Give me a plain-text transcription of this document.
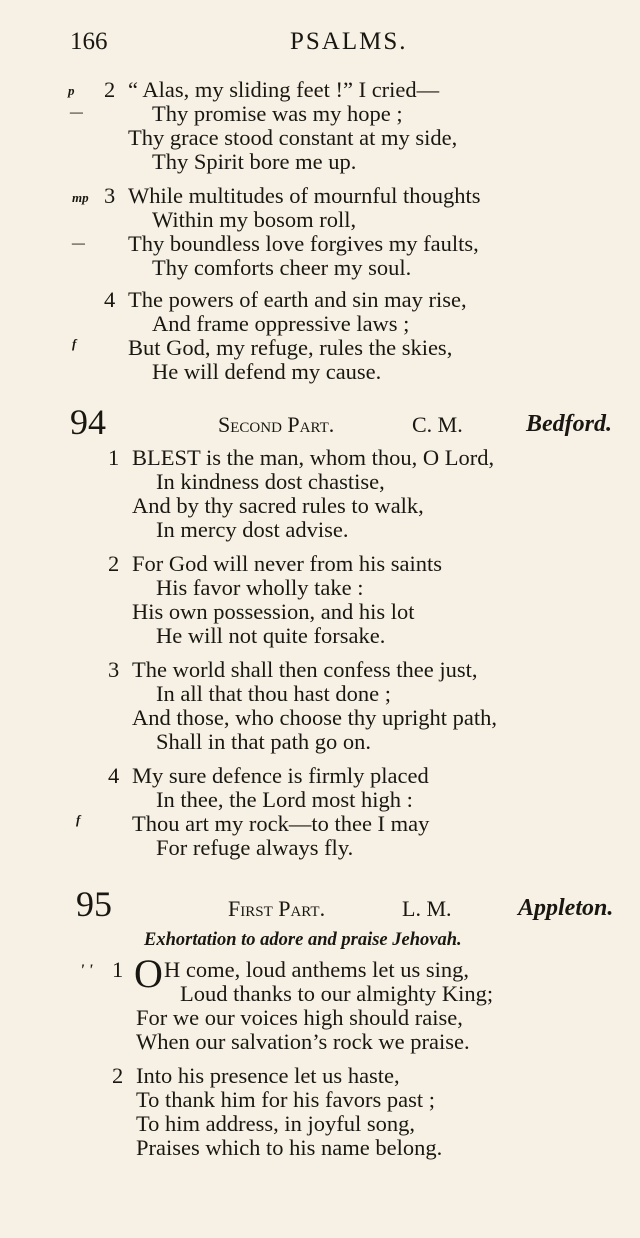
166	PSALMS.
p 2 “ Alas, my sliding feet !” I cried—
—	Thy promise was my hope ;
Thy grace stood constant at my side,
Thy Spirit bore me up.
mp 3 While multitudes of mournful thoughts
Within my bosom roll,
— Thy boundless love forgives my faults,
Thy comforts cheer my soul.
4 The powers of earth and sin may rise,
And frame oppressive laws ;
f But God, my refuge, rules the skies,
He will defend my cause.
94	Second Part.	C. M.	Bedford.
1 BLEST is the man, whom thou, O Lord,
In kindness dost chastise,
And by thy sacred rules to walk,
In mercy dost advise.
2 For God will never from his saints
His favor wholly take :
His own possession, and his lot
He will not quite forsake.
3 The world shall then confess thee just,
In all that thou hast done ;
And those, who choose thy upright path,
Shall in that path go on.
4 My sure defence is firmly placed
In thee, the Lord most high :
f Thou art my rock—to thee I may
For refuge always fly.
95	First Part.	L. M.	Appleton.
Exhortation to adore and praise Jehovah.
' ' 1 O H come, loud anthems let us sing,
Loud thanks to our almighty King;
For we our voices high should raise,
When our salvation’s rock we praise.
2 Into his presence let us haste,
To thank him for his favors past ;
To him address, in joyful song,
Praises which to his name belong.
